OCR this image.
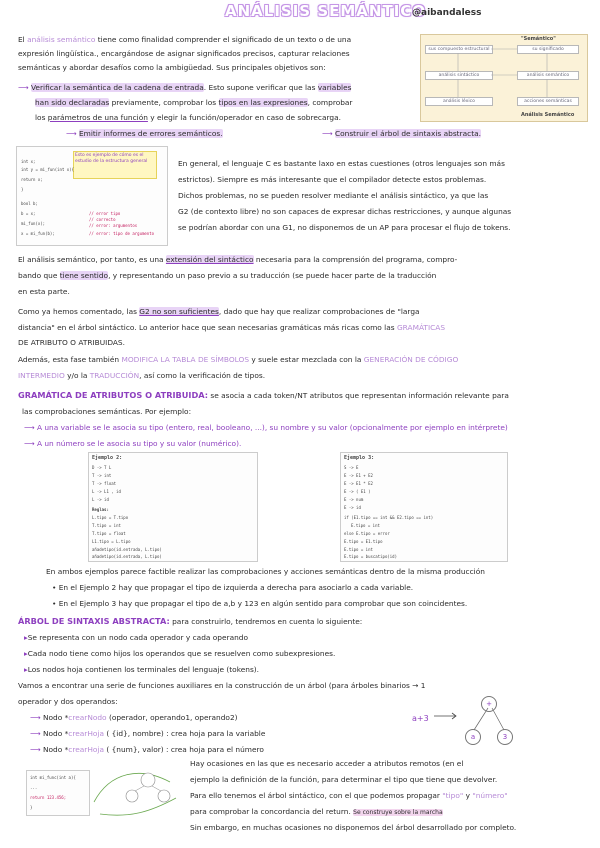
ANÁLISIS SEMÁNTICO
@aibandaless
El análisis semántico tiene como finalidad comprender el significado de un texto o de una
expresión lingüística., encargándose de asignar significados precisos, capturar relaciones
semánticas y abordar desafíos como la ambigüedad. Sus principales objetivos son:
⟶ Verificar la semántica de la cadena de entrada. Esto supone verificar que las variables
han sido declaradas previamente, comprobar los tipos en las expresiones, comprobar
los parámetros de una función y elegir la función/operador en caso de sobrecarga.
⟶ Emitir informes de errores semánticos.	⟶ Construir el árbol de sintaxis abstracta.
"Semántico"
sus compuesto estructural	su significado
análisis sintáctico	análisis semántico
análisis léxico	acciones semánticas
Análisis Semántico
Esto es ejemplo de cómo es el estudio de la estructura general
int x;
int y = mi_fun(int x){
return x;
}
bool b;
b = x;
mi_fun(x);
x = mi_fun(b);
// error tipo
// correcto
// error: argumentos
// error: tipo de argumento
En general, el lenguaje C es bastante laxo en estas cuestiones (otros lenguajes son más
estrictos). Siempre es más interesante que el compilador detecte estos problemas.
Dichos problemas, no se pueden resolver mediante el análisis sintáctico, ya que las
G2 (de contexto libre) no son capaces de expresar dichas restricciones, y aunque algunas
se podrían abordar con una G1, no disponemos de un AP para procesar el flujo de tokens.
El análisis semántico, por tanto, es una extensión del sintáctico necesaria para la comprensión del programa, compro-
bando que tiene sentido, y representando un paso previo a su traducción (se puede hacer parte de la traducción
en esta parte.
Como ya hemos comentado, las G2 no son suficientes, dado que hay que realizar comprobaciones de "larga
distancia" en el árbol sintáctico. Lo anterior hace que sean necesarias gramáticas más ricas como las GRAMÁTICAS
DE ATRIBUTO O ATRIBUIDAS.
Además, esta fase también MODIFICA LA TABLA DE SÍMBOLOS y suele estar mezclada con la GENERACIÓN DE CÓDIGO
INTERMEDIO y/o la TRADUCCIÓN, así como la verificación de tipos.
GRAMÁTICA DE ATRIBUTOS O ATRIBUIDA: se asocia a cada token/NT atributos que representan información relevante para
las comprobaciones semánticas. Por ejemplo:
⟶ A una variable se le asocia su tipo (entero, real, booleano, ...), su nombre y su valor (opcionalmente por ejemplo en intérprete)
⟶ A un número se le asocia su tipo y su valor (numérico).
Ejemplo 2:
D -> T L
T -> int
T -> float
L -> L1 , id
L -> id
Reglas:
L.tipo = T.tipo
T.tipo = int
T.tipo = float
L1.tipo = L.tipo
añadetipo(id.entrada, L.tipo)
añadetipo(id.entrada, L.tipo)
Ejemplo 3:
S -> E
E -> E1 + E2
E -> E1 * E2
E -> ( E1 )
E -> num
E -> id
if (E1.tipo == int && E2.tipo == int)
E.tipo = int
else E.tipo = error
E.tipo = E1.tipo
E.tipo = int
E.tipo = buscatipo(id)
En ambos ejemplos parece factible realizar las comprobaciones y acciones semánticas dentro de la misma producción
• En el Ejemplo 2 hay que propagar el tipo de izquierda a derecha para asociarlo a cada variable.
• En el Ejemplo 3 hay que propagar el tipo de a,b y 123 en algún sentido para comprobar que son coincidentes.
ÁRBOL DE SINTAXIS ABSTRACTA: para construirlo, tendremos en cuenta lo siguiente:
▸Se representa con un nodo cada operador y cada operando
▸Cada nodo tiene como hijos los operandos que se resuelven como subexpresiones.
▸Los nodos hoja contienen los terminales del lenguaje (tokens).
Vamos a encontrar una serie de funciones auxiliares en la construcción de un árbol (para árboles binarios → 1
operador y dos operandos:
⟶ Nodo *crearNodo (operador, operando1, operando2)
⟶ Nodo *crearHoja ( {id}, nombre) : crea hoja para la variable
⟶ Nodo *crearHoja ( {num}, valor) : crea hoja para el número
a+3
+
a	3
int mi_func(int a){
...
return 123.456;
}
Hay ocasiones en las que es necesario acceder a atributos remotos (en el
ejemplo la definición de la función, para determinar el tipo que tiene que devolver.
Para ello tenemos el árbol sintáctico, con el que podemos propagar "tipo" y "número"
para comprobar la concordancia del return. Se construye sobre la marcha
Sin embargo, en muchas ocasiones no disponemos del árbol desarrollado por completo.
